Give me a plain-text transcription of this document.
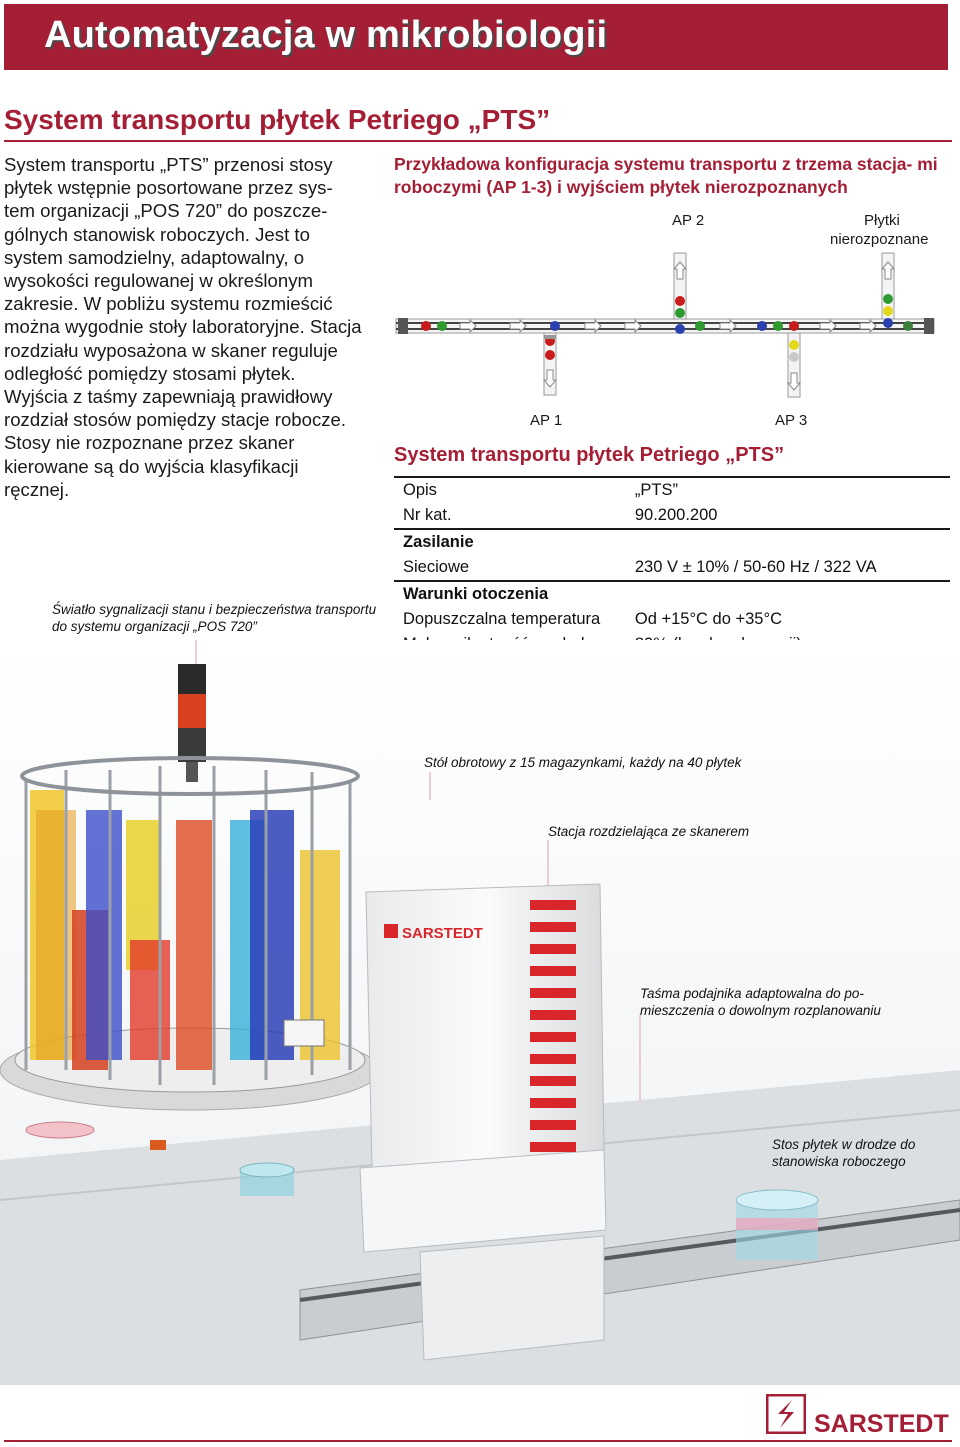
Automatyzacja w mikrobiologii
System transportu płytek Petriego „PTS”
System transportu „PTS” przenosi stosy płytek wstępnie posortowane przez sys- tem organizacji „POS 720” do poszcze- gólnych stanowisk roboczych. Jest to system samodzielny, adaptowalny, o wysokości regulowanej w określonym zakresie. W pobliżu systemu rozmieścić można wygodnie stoły laboratoryjne. Stacja rozdziału wyposażona w skaner reguluje odległość pomiędzy stosami płytek. Wyjścia z taśmy zapewniają prawidłowy rozdział stosów pomiędzy stacje robocze. Stosy nie rozpoznane przez skaner kierowane są do wyjścia klasyfikacji ręcznej.
Przykładowa konfiguracja systemu transportu z trzema stacja- mi roboczymi (AP 1-3) i wyjściem płytek nierozpoznanych
AP 2	Płytki
nierozpoznane
AP 1	AP 3
System transportu płytek Petriego „PTS”
Opis	„PTS”
Nr kat.	90.200.200
Zasilanie	
Sieciowe	230 V ± 10% / 50-60 Hz / 322 VA
Warunki otoczenia	
Dopuszczalna temperatura	Od +15°C do +35°C

Światło sygnalizacji stanu i bezpieczeństwa transportu do systemu organizacji „POS 720”
SARSTEDT
Stół obrotowy z 15 magazynkami, każdy na 40 płytek
Stacja rozdzielająca ze skanerem
Taśma podajnika adaptowalna do po- mieszczenia o dowolnym rozplanowaniu
Stos płytek w drodze do stanowiska roboczego
SARSTEDT
